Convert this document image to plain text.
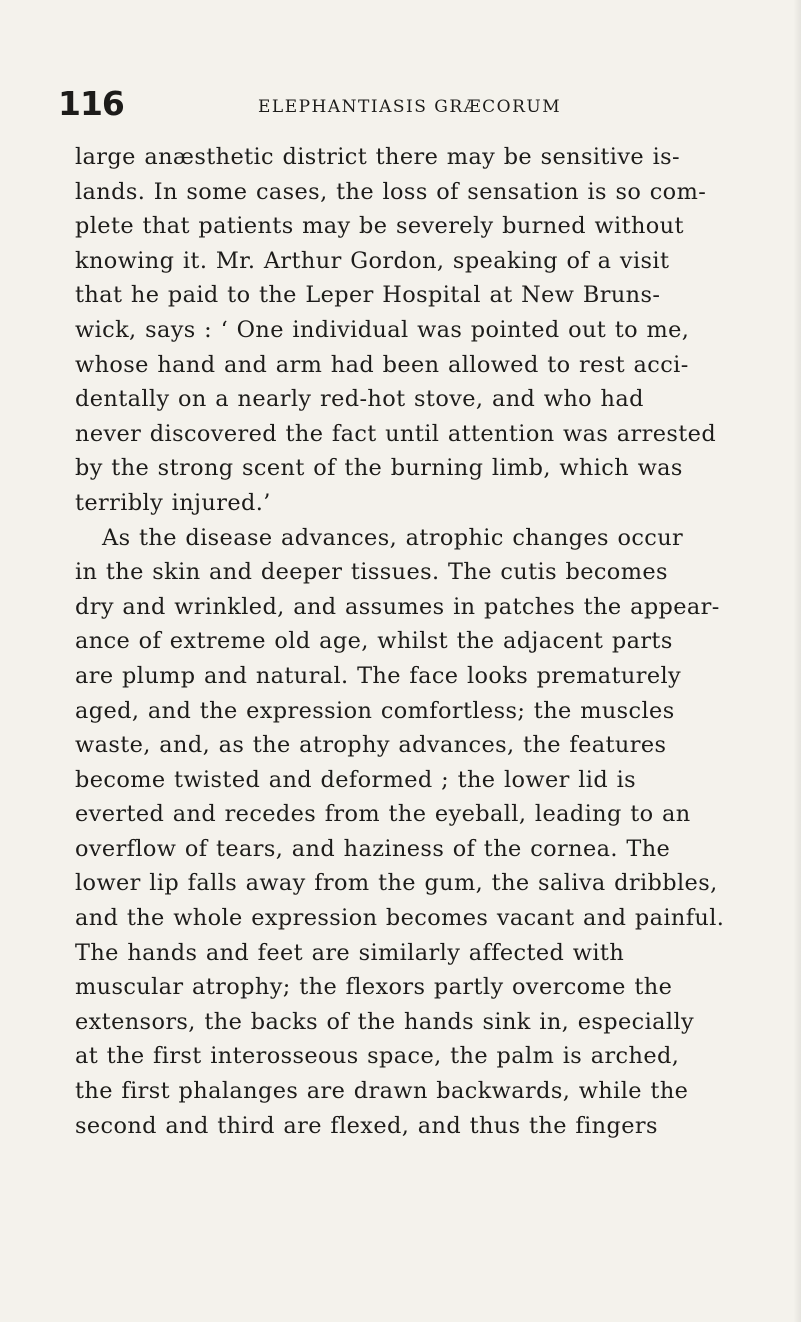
116	ELEPHANTIASIS GRÆCORUM
large anæsthetic district there may be sensitive is-
lands. In some cases, the loss of sensation is so com-
plete that patients may be severely burned without
knowing it. Mr. Arthur Gordon, speaking of a visit
that he paid to the Leper Hospital at New Bruns-
wick, says : ‘ One individual was pointed out to me,
whose hand and arm had been allowed to rest acci-
dentally on a nearly red-hot stove, and who had
never discovered the fact until attention was arrested
by the strong scent of the burning limb, which was
terribly injured.’
As the disease advances, atrophic changes occur
in the skin and deeper tissues. The cutis becomes
dry and wrinkled, and assumes in patches the appear-
ance of extreme old age, whilst the adjacent parts
are plump and natural. The face looks prematurely
aged, and the expression comfortless; the muscles
waste, and, as the atrophy advances, the features
become twisted and deformed ; the lower lid is
everted and recedes from the eyeball, leading to an
overflow of tears, and haziness of the cornea. The
lower lip falls away from the gum, the saliva dribbles,
and the whole expression becomes vacant and painful.
The hands and feet are similarly affected with
muscular atrophy; the flexors partly overcome the
extensors, the backs of the hands sink in, especially
at the first interosseous space, the palm is arched,
the first phalanges are drawn backwards, while the
second and third are flexed, and thus the fingers
